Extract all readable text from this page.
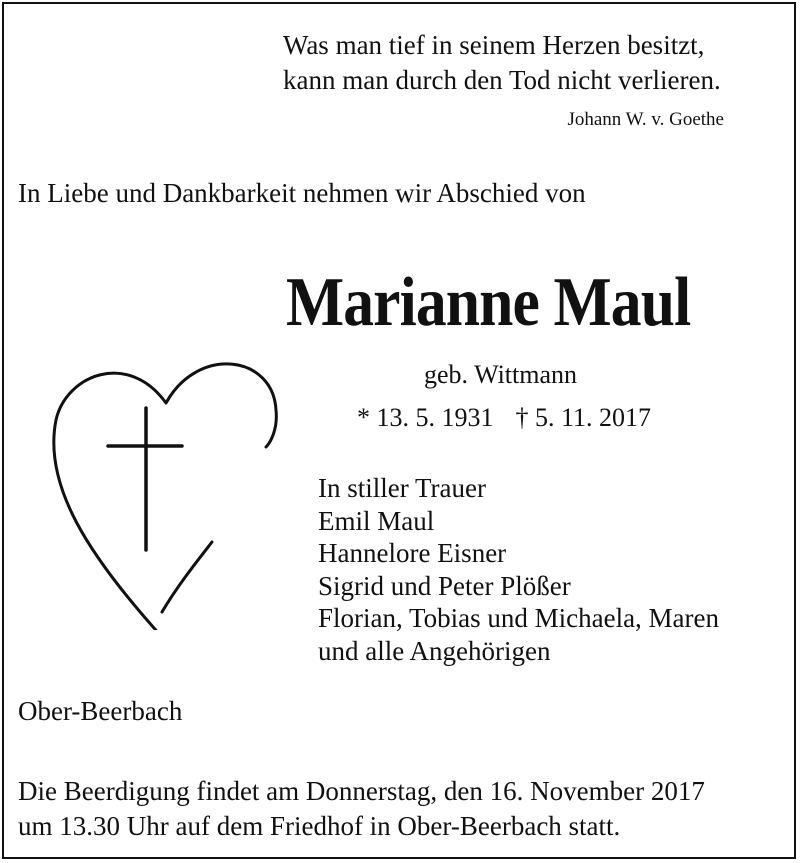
Was man tief in seinem Herzen besitzt,

kann man durch den Tod nicht verlieren.

Johann W. v. Goethe

In Liebe und Dankbarkeit nehmen wir Abschied von

Marianne Maul

geb. Wittmann

* 13. 5. 1931 † 5. 11. 2017

In stiller Trauer
Emil Maul
Hannelore Eisner
Sigrid und Peter Plößer
Florian, Tobias und Michaela, Maren
und alle Angehörigen

Ober-Beerbach

Die Beerdigung findet am Donnerstag, den 16. November 2017

um 13.30 Uhr auf dem Friedhof in Ober-Beerbach statt.
